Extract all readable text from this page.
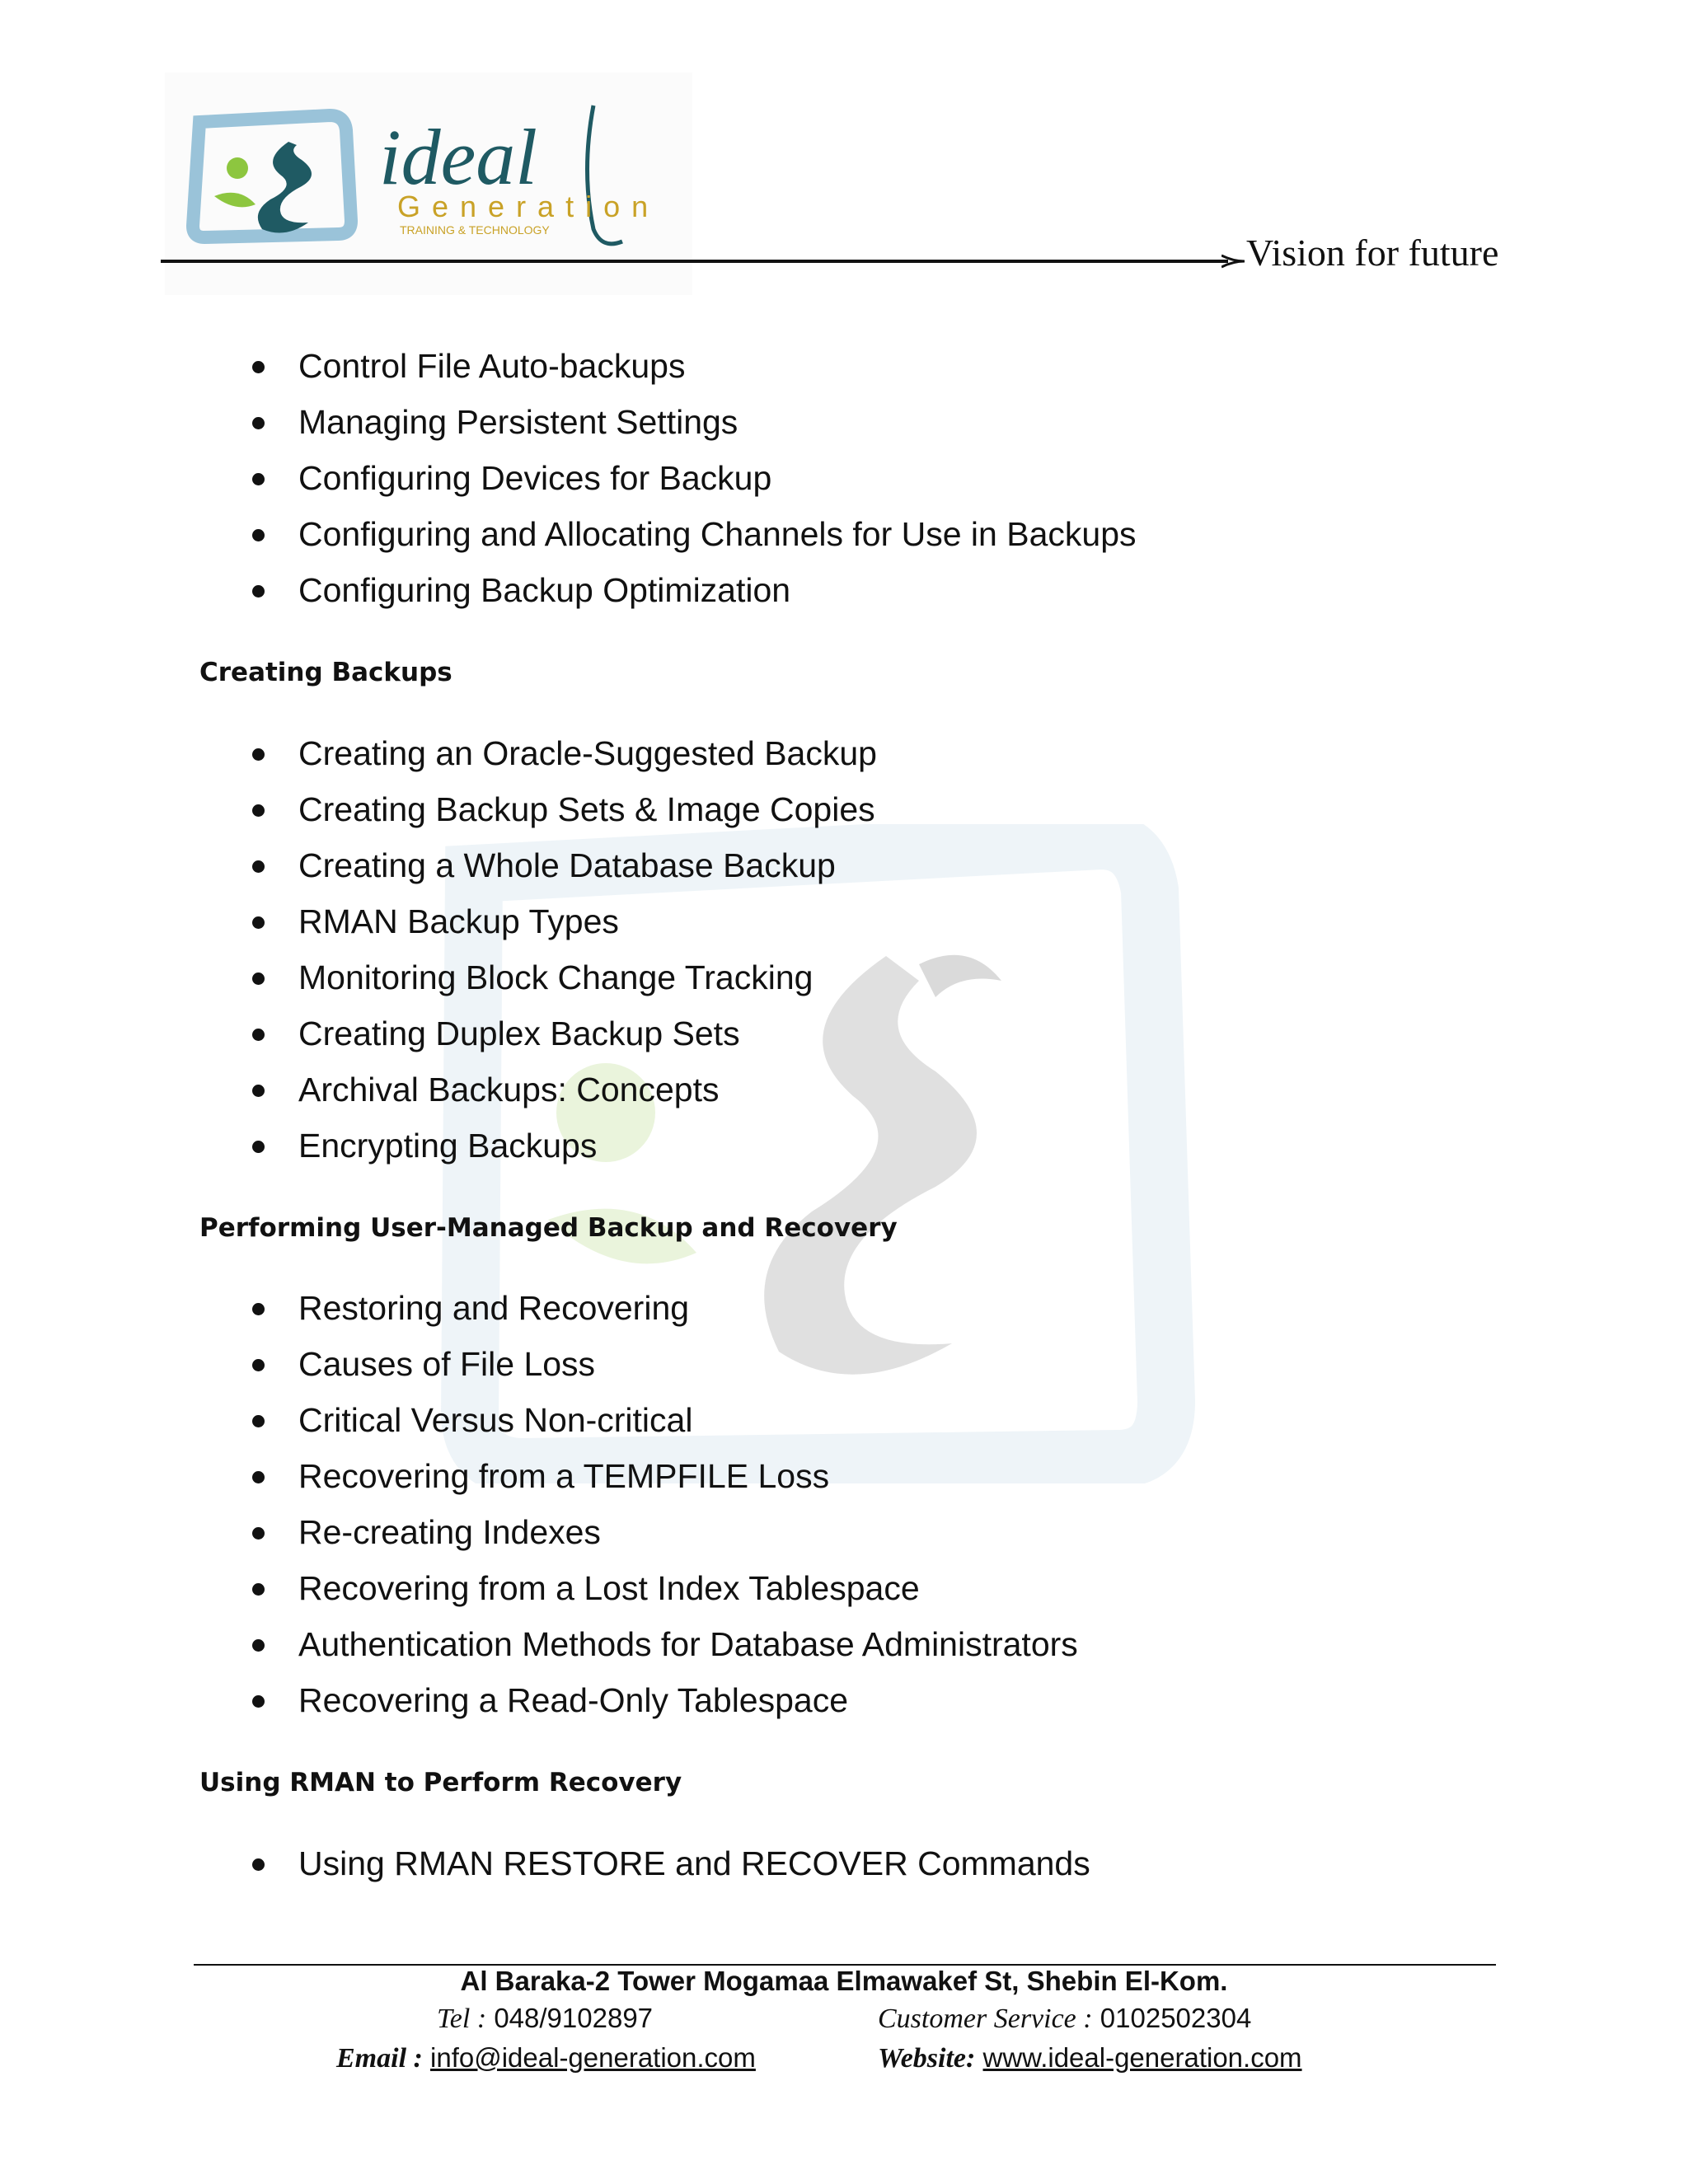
ideal
Generation
TRAINING & TECHNOLOGY
Vision for future
Control File Auto-backups
Managing Persistent Settings
Configuring Devices for Backup
Configuring and Allocating Channels for Use in Backups
Configuring Backup Optimization
Creating Backups
Creating an Oracle-Suggested Backup
Creating Backup Sets & Image Copies
Creating a Whole Database Backup
RMAN Backup Types
Monitoring Block Change Tracking
Creating Duplex Backup Sets
Archival Backups: Concepts
Encrypting Backups
Performing User-Managed Backup and Recovery
Restoring and Recovering
Causes of File Loss
Critical Versus Non-critical
Recovering from a TEMPFILE Loss
Re-creating Indexes
Recovering from a Lost Index Tablespace
Authentication Methods for Database Administrators
Recovering a Read-Only Tablespace
Using RMAN to Perform Recovery
Using RMAN RESTORE and RECOVER Commands
Al Baraka-2 Tower Mogamaa Elmawakef St, Shebin El-Kom.
Tel : 048/9102897	Customer Service : 0102502304
Email : info@ideal-generation.com	Website: www.ideal-generation.com
